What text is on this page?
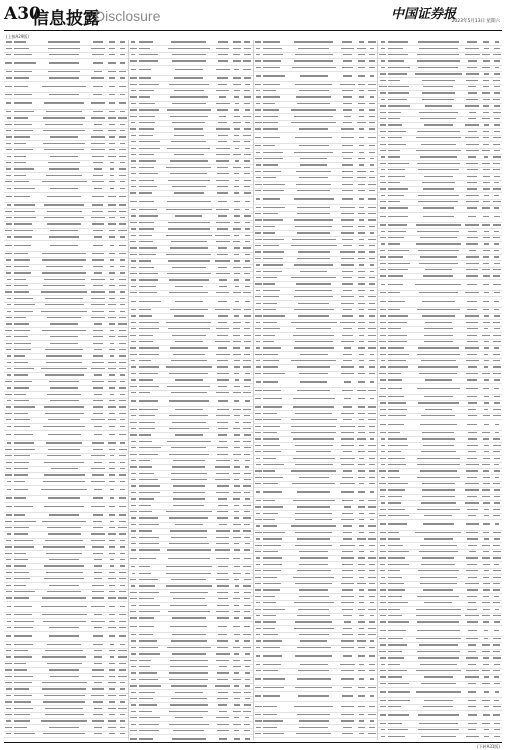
A30
信息披露
Disclosure	中国证券报
2023年5月13日 星期六
(上接A29版)
(下转A31版)
